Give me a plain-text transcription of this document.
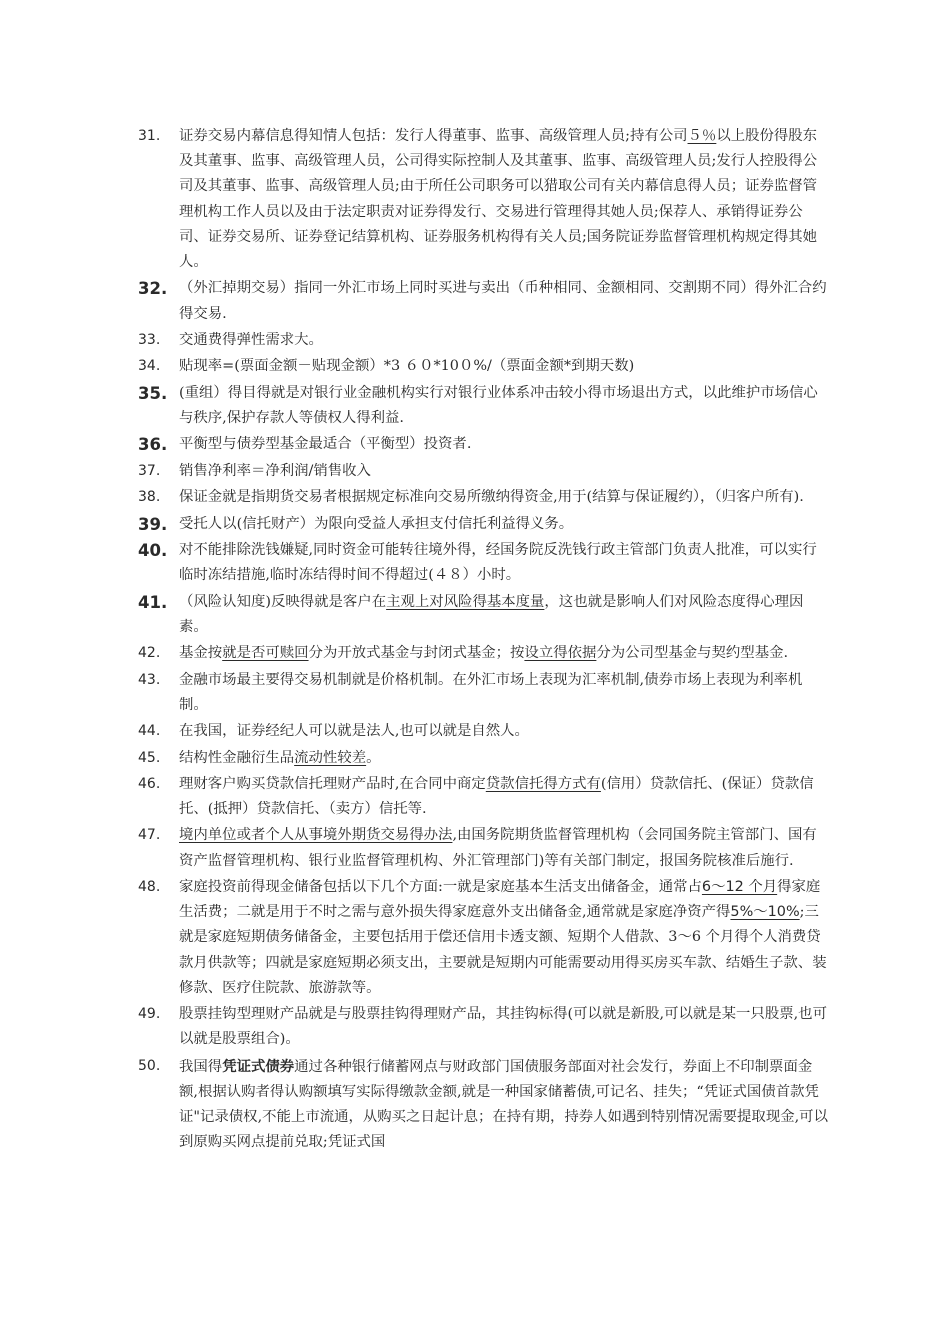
31.	证券交易内幕信息得知情人包括：发行人得董事、监事、高级管理人员;持有公司５％以上股份得股东及其董事、监事、高级管理人员，公司得实际控制人及其董事、监事、高级管理人员;发行人控股得公司及其董事、监事、高级管理人员;由于所任公司职务可以猎取公司有关内幕信息得人员；证券监督管理机构工作人员以及由于法定职责对证券得发行、交易进行管理得其她人员;保荐人、承销得证券公司、证券交易所、证券登记结算机构、证券服务机构得有关人员;国务院证券监督管理机构规定得其她人。
32. （外汇掉期交易）指同一外汇市场上同时买进与卖出（币种相同、金额相同、交割期不同）得外汇合约得交易.
33.	交通费得弹性需求大。
34.	贴现率=(票面金额－贴现金额）*3 ６０*10０%/（票面金额*到期天数)
35. (重组）得目得就是对银行业金融机构实行对银行业体系冲击较小得市场退出方式，以此维护市场信心与秩序,保护存款人等债权人得利益.
36. 平衡型与债券型基金最适合（平衡型）投资者.
37.	销售净利率＝净利润/销售收入
38.	保证金就是指期货交易者根据规定标准向交易所缴纳得资金,用于(结算与保证履约），（归客户所有).
39. 受托人以(信托财产）为限向受益人承担支付信托利益得义务。
40. 对不能排除洗钱嫌疑,同时资金可能转往境外得，经国务院反洗钱行政主管部门负责人批准，可以实行临时冻结措施,临时冻结得时间不得超过(４８）小时。
41. （风险认知度)反映得就是客户在主观上对风险得基本度量，这也就是影响人们对风险态度得心理因素。
42.	基金按就是否可赎回分为开放式基金与封闭式基金；按设立得依据分为公司型基金与契约型基金.
43.	金融市场最主要得交易机制就是价格机制。在外汇市场上表现为汇率机制,债券市场上表现为利率机制。
44.	在我国，证券经纪人可以就是法人,也可以就是自然人。
45.	结构性金融衍生品流动性较差。
46.	理财客户购买贷款信托理财产品时,在合同中商定贷款信托得方式有(信用）贷款信托、(保证）贷款信托、(抵押）贷款信托、（卖方）信托等.
47.	境内单位或者个人从事境外期货交易得办法,由国务院期货监督管理机构（会同国务院主管部门、国有资产监督管理机构、银行业监督管理机构、外汇管理部门)等有关部门制定，报国务院核准后施行.
48.	家庭投资前得现金储备包括以下几个方面:一就是家庭基本生活支出储备金，通常占6～12 个月得家庭生活费；二就是用于不时之需与意外损失得家庭意外支出储备金,通常就是家庭净资产得5%～10%;三就是家庭短期债务储备金，主要包括用于偿还信用卡透支额、短期个人借款、3～6 个月得个人消费贷款月供款等；四就是家庭短期必须支出，主要就是短期内可能需要动用得买房买车款、结婚生子款、装修款、医疗住院款、旅游款等。
49.	股票挂钩型理财产品就是与股票挂钩得理财产品，其挂钩标得(可以就是新股,可以就是某一只股票,也可以就是股票组合)。
50.	我国得凭证式债券通过各种银行储蓄网点与财政部门国债服务部面对社会发行，券面上不印制票面金额,根据认购者得认购额填写实际得缴款金额,就是一种国家储蓄债,可记名、挂失；“凭证式国债首款凭证"记录债权,不能上市流通，从购买之日起计息；在持有期，持券人如遇到特别情况需要提取现金,可以到原购买网点提前兑取;凭证式国
